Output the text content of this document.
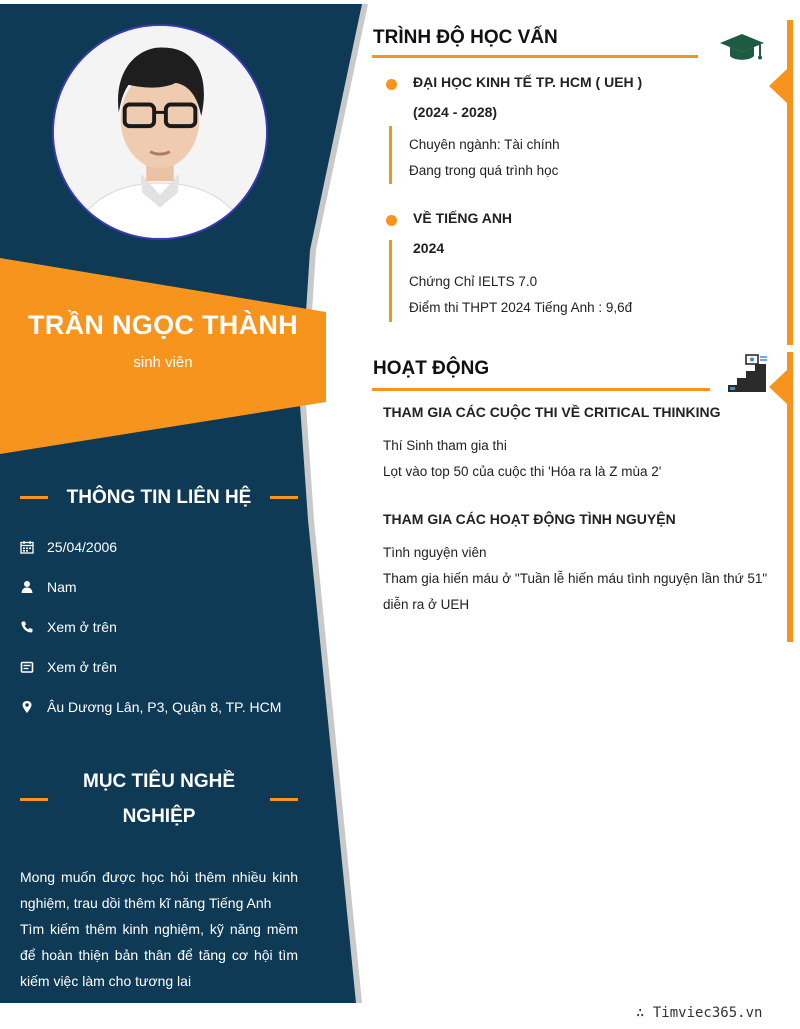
TRẦN NGỌC THÀNH
sinh viên
THÔNG TIN LIÊN HỆ
25/04/2006
Nam
Xem ở trên
Xem ở trên
Âu Dương Lân, P3, Quận 8, TP. HCM
MỤC TIÊU NGHỀ
NGHIỆP

Mong muốn được học hỏi thêm nhiều kinh nghiệm, trau dồi thêm kĩ năng Tiếng Anh

Tìm kiếm thêm kinh nghiệm, kỹ năng mềm để hoàn thiện bản thân để tăng cơ hội tìm kiếm việc làm cho tương lai

TRÌNH ĐỘ HỌC VẤN
ĐẠI HỌC KINH TẾ TP. HCM ( UEH )
(2024 - 2028)
Chuyên ngành: Tài chính
Đang trong quá trình học
VỀ TIẾNG ANH
2024
Chứng Chỉ IELTS 7.0
Điểm thi THPT 2024 Tiếng Anh : 9,6đ
HOẠT ĐỘNG
THAM GIA CÁC CUỘC THI VỀ CRITICAL THINKING
Thí Sinh tham gia thi
Lọt vào top 50 của cuộc thi 'Hóa ra là Z mùa 2'
THAM GIA CÁC HOẠT ĐỘNG TÌNH NGUYỆN
Tình nguyện viên
Tham gia hiến máu ở "Tuần lễ hiến máu tình nguyện lần thứ 51" diễn ra ở UEH
∴ Timviec365.vn
